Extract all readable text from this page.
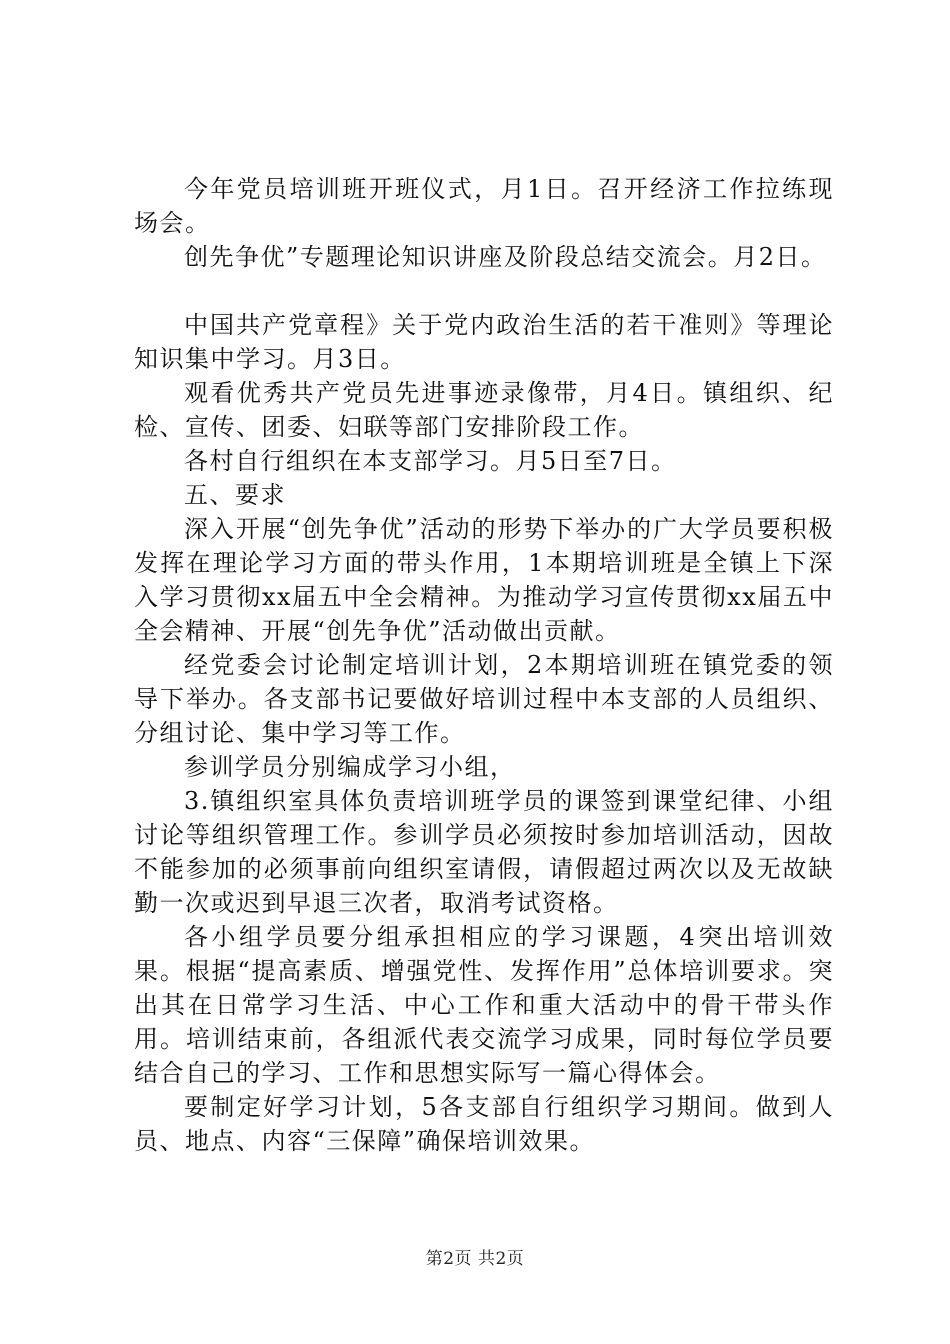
今年党员培训班开班仪式，月1日。召开经济工作拉练现场会。

创先争优”专题理论知识讲座及阶段总结交流会。月2日。

中国共产党章程》关于党内政治生活的若干准则》等理论知识集中学习。月3日。

观看优秀共产党员先进事迹录像带，月4日。镇组织、纪检、宣传、团委、妇联等部门安排阶段工作。

各村自行组织在本支部学习。月5日至7日。

五、要求

深入开展“创先争优”活动的形势下举办的广大学员要积极发挥在理论学习方面的带头作用，1本期培训班是全镇上下深入学习贯彻xx届五中全会精神。为推动学习宣传贯彻xx届五中全会精神、开展“创先争优”活动做出贡献。

经党委会讨论制定培训计划，2本期培训班在镇党委的领导下举办。各支部书记要做好培训过程中本支部的人员组织、分组讨论、集中学习等工作。

参训学员分别编成学习小组，

3.镇组织室具体负责培训班学员的课签到课堂纪律、小组讨论等组织管理工作。参训学员必须按时参加培训活动，因故不能参加的必须事前向组织室请假，请假超过两次以及无故缺勤一次或迟到早退三次者，取消考试资格。

各小组学员要分组承担相应的学习课题，4突出培训效果。根据“提高素质、增强党性、发挥作用”总体培训要求。突出其在日常学习生活、中心工作和重大活动中的骨干带头作用。培训结束前，各组派代表交流学习成果，同时每位学员要结合自己的学习、工作和思想实际写一篇心得体会。

要制定好学习计划，5各支部自行组织学习期间。做到人员、地点、内容“三保障”确保培训效果。

第2页 共2页
